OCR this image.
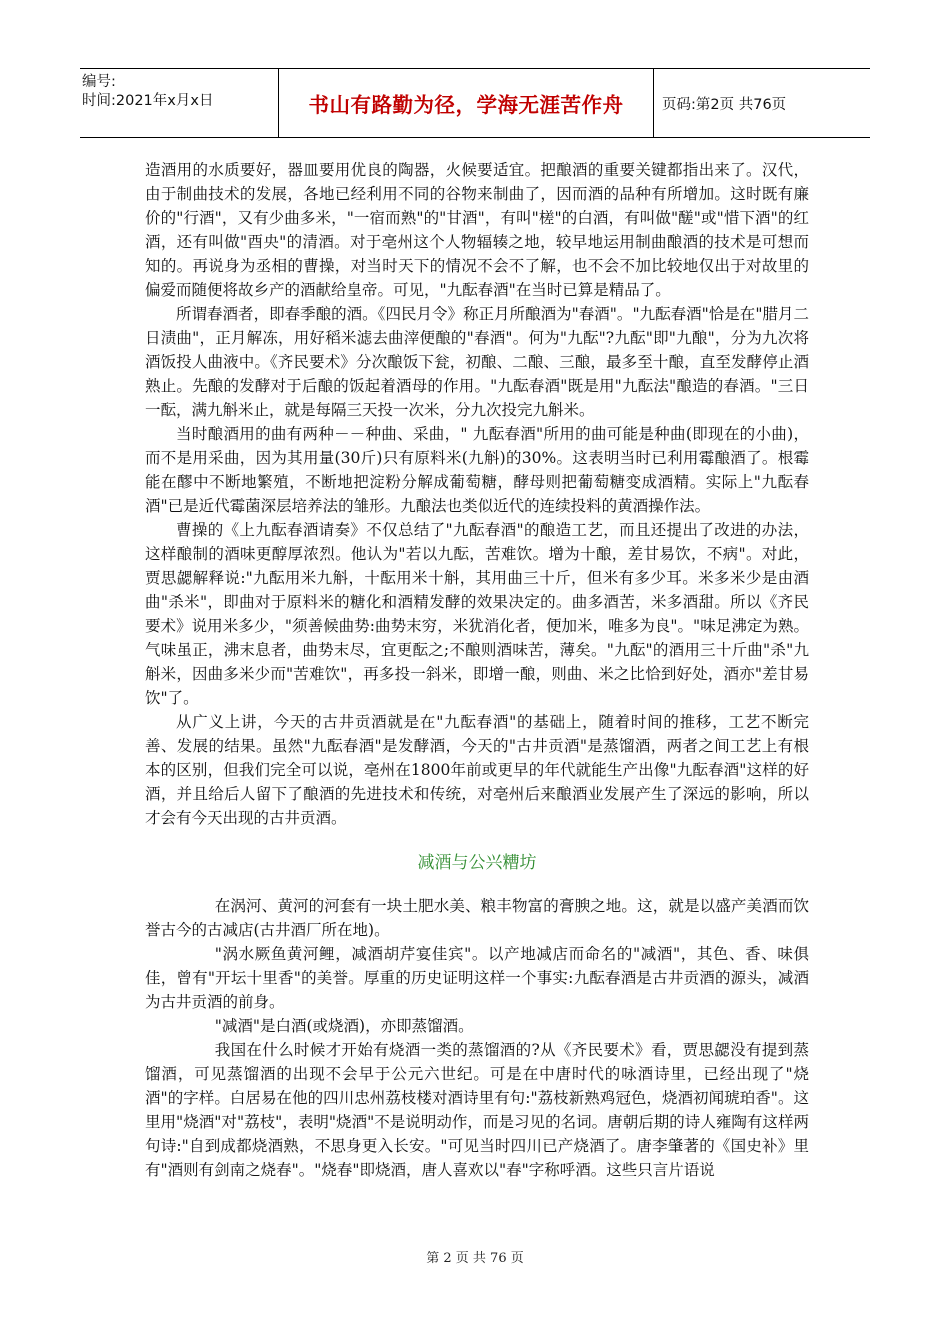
编号:
时间:2021年x月x日	书山有路勤为径，学海无涯苦作舟	页码:第2页 共76页

造酒用的水质要好，器皿要用优良的陶器，火候要适宜。把酿酒的重要关键都指出来了。汉代，由于制曲技术的发展，各地已经利用不同的谷物来制曲了，因而酒的品种有所增加。这时既有廉价的"行酒"，又有少曲多米，"一宿而熟"的"甘酒"，有叫"槎"的白酒，有叫做"醝"或"惜下酒"的红酒，还有叫做"酉央"的清酒。对于亳州这个人物辐辏之地，较早地运用制曲酿酒的技术是可想而知的。再说身为丞相的曹操，对当时天下的情况不会不了解，也不会不加比较地仅出于对故里的偏爱而随便将故乡产的酒献给皇帝。可见，"九酝春酒"在当时已算是精品了。

所谓春酒者，即春季酿的酒。《四民月令》称正月所酿酒为"春酒"。"九酝春酒"恰是在"腊月二日渍曲"，正月解冻，用好稻米滤去曲滓便酿的"春酒"。何为"九酝"?九酝"即"九酿"，分为九次将酒饭投人曲液中。《齐民要术》分次酿饭下瓮，初酿、二酿、三酿，最多至十酿，直至发酵停止酒熟止。先酿的发酵对于后酿的饭起着酒母的作用。"九酝春酒"既是用"九酝法"酿造的春酒。"三日一酝，满九斛米止，就是每隔三天投一次米，分九次投完九斛米。

当时酿酒用的曲有两种－－种曲、采曲，" 九酝春酒"所用的曲可能是种曲(即现在的小曲)，而不是用采曲，因为其用量(30斤)只有原料米(九斛)的30%。这表明当时已利用霉酿酒了。根霉能在醪中不断地繁殖，不断地把淀粉分解成葡萄糖，酵母则把葡萄糖变成酒精。实际上"九酝春酒"已是近代霉菌深层培养法的雏形。九酿法也类似近代的连续投料的黄酒操作法。

曹操的《上九酝春酒请奏》不仅总结了"九酝春酒"的酿造工艺，而且还提出了改进的办法，这样酿制的酒味更醇厚浓烈。他认为"若以九酝，苦难饮。增为十酿，差甘易饮，不病"。对此，贾思勰解释说:"九酝用米九斛，十酝用米十斛，其用曲三十斤，但米有多少耳。米多米少是由酒曲"杀米"，即曲对于原料米的糖化和酒精发酵的效果决定的。曲多酒苦，米多酒甜。所以《齐民要术》说用米多少，"须善候曲势:曲势末穷，米犹消化者，便加米，唯多为良"。"味足沸定为熟。气味虽正，沸末息者，曲势末尽，宜更酝之;不酿则酒味苦，薄矣。"九酝"的酒用三十斤曲"杀"九斛米，因曲多米少而"苦难饮"，再多投一斜米，即增一酿，则曲、米之比恰到好处，酒亦"差甘易饮"了。

从广义上讲，今天的古井贡酒就是在"九酝春酒"的基础上，随着时间的推移，工艺不断完善、发展的结果。虽然"九酝春酒"是发酵酒，今天的"古井贡酒"是蒸馏酒，两者之间工艺上有根本的区别，但我们完全可以说，亳州在1800年前或更早的年代就能生产出像"九酝春酒"这样的好酒，并且给后人留下了酿酒的先进技术和传统，对亳州后来酿酒业发展产生了深远的影响，所以才会有今天出现的古井贡酒。

减酒与公兴糟坊

在涡河、黄河的河套有一块土肥水美、粮丰物富的膏腴之地。这，就是以盛产美酒而饮誉古今的古减店(古井酒厂所在地)。

"涡水厥鱼黄河鲤，减酒胡芹宴佳宾"。以产地减店而命名的"减酒"，其色、香、味俱佳，曾有"开坛十里香"的美誉。厚重的历史证明这样一个事实:九酝春酒是古井贡酒的源头，减酒为古井贡酒的前身。

"减酒"是白酒(或烧酒)，亦即蒸馏酒。

我国在什么时候才开始有烧酒一类的蒸馏酒的?从《齐民要术》看，贾思勰没有提到蒸馏酒，可见蒸馏酒的出现不会早于公元六世纪。可是在中唐时代的咏酒诗里，已经出现了"烧酒"的字样。白居易在他的四川忠州荔枝楼对酒诗里有句:"荔枝新熟鸡冠色，烧酒初闻琥珀香"。这里用"烧酒"对"荔枝"，表明"烧酒"不是说明动作，而是习见的名词。唐朝后期的诗人雍陶有这样两句诗:"自到成都烧酒熟，不思身更入长安。"可见当时四川已产烧酒了。唐李肇著的《国史补》里有"酒则有剑南之烧春"。"烧春"即烧酒，唐人喜欢以"春"字称呼酒。这些只言片语说

第 2 页 共 76 页
